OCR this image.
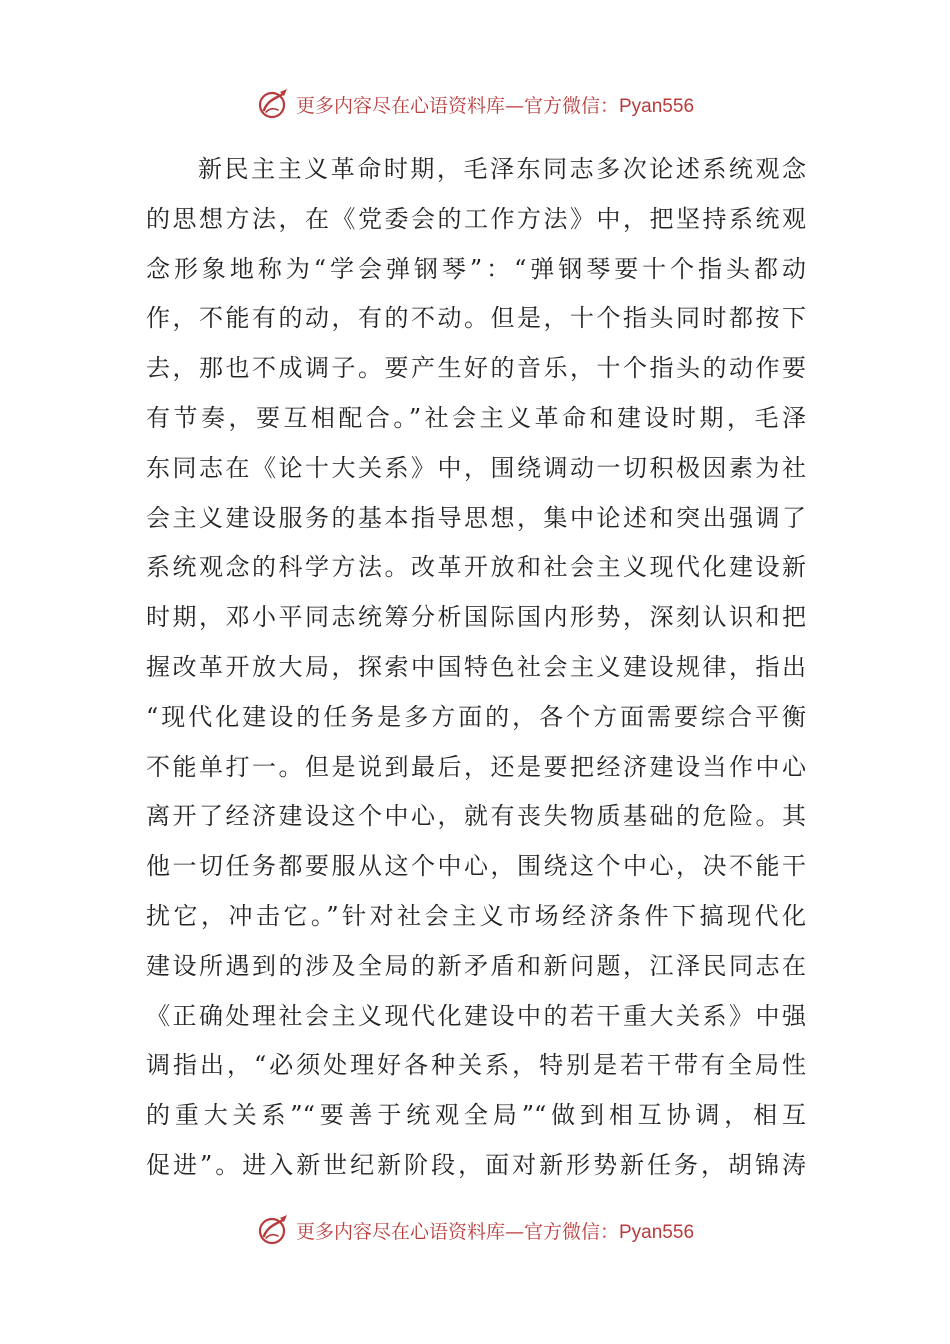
更多内容尽在心语资料库—官方微信：Pyan556
新民主主义革命时期，毛泽东同志多次论述系统观念
的思想方法，在《党委会的工作方法》中，把坚持系统观
念形象地称为“学会弹钢琴”：“弹钢琴要十个指头都动
作，不能有的动，有的不动。但是，十个指头同时都按下
去，那也不成调子。要产生好的音乐，十个指头的动作要
有节奏，要互相配合。”社会主义革命和建设时期，毛泽
东同志在《论十大关系》中，围绕调动一切积极因素为社
会主义建设服务的基本指导思想，集中论述和突出强调了
系统观念的科学方法。改革开放和社会主义现代化建设新
时期，邓小平同志统筹分析国际国内形势，深刻认识和把
握改革开放大局，探索中国特色社会主义建设规律，指出
“现代化建设的任务是多方面的，各个方面需要综合平衡
不能单打一。但是说到最后，还是要把经济建设当作中心
离开了经济建设这个中心，就有丧失物质基础的危险。其
他一切任务都要服从这个中心，围绕这个中心，决不能干
扰它，冲击它。”针对社会主义市场经济条件下搞现代化
建设所遇到的涉及全局的新矛盾和新问题，江泽民同志在
《正确处理社会主义现代化建设中的若干重大关系》中强
调指出，“必须处理好各种关系，特别是若干带有全局性
的重大关系”“要善于统观全局”“做到相互协调，相互
促进”。进入新世纪新阶段，面对新形势新任务，胡锦涛
更多内容尽在心语资料库—官方微信：Pyan556
